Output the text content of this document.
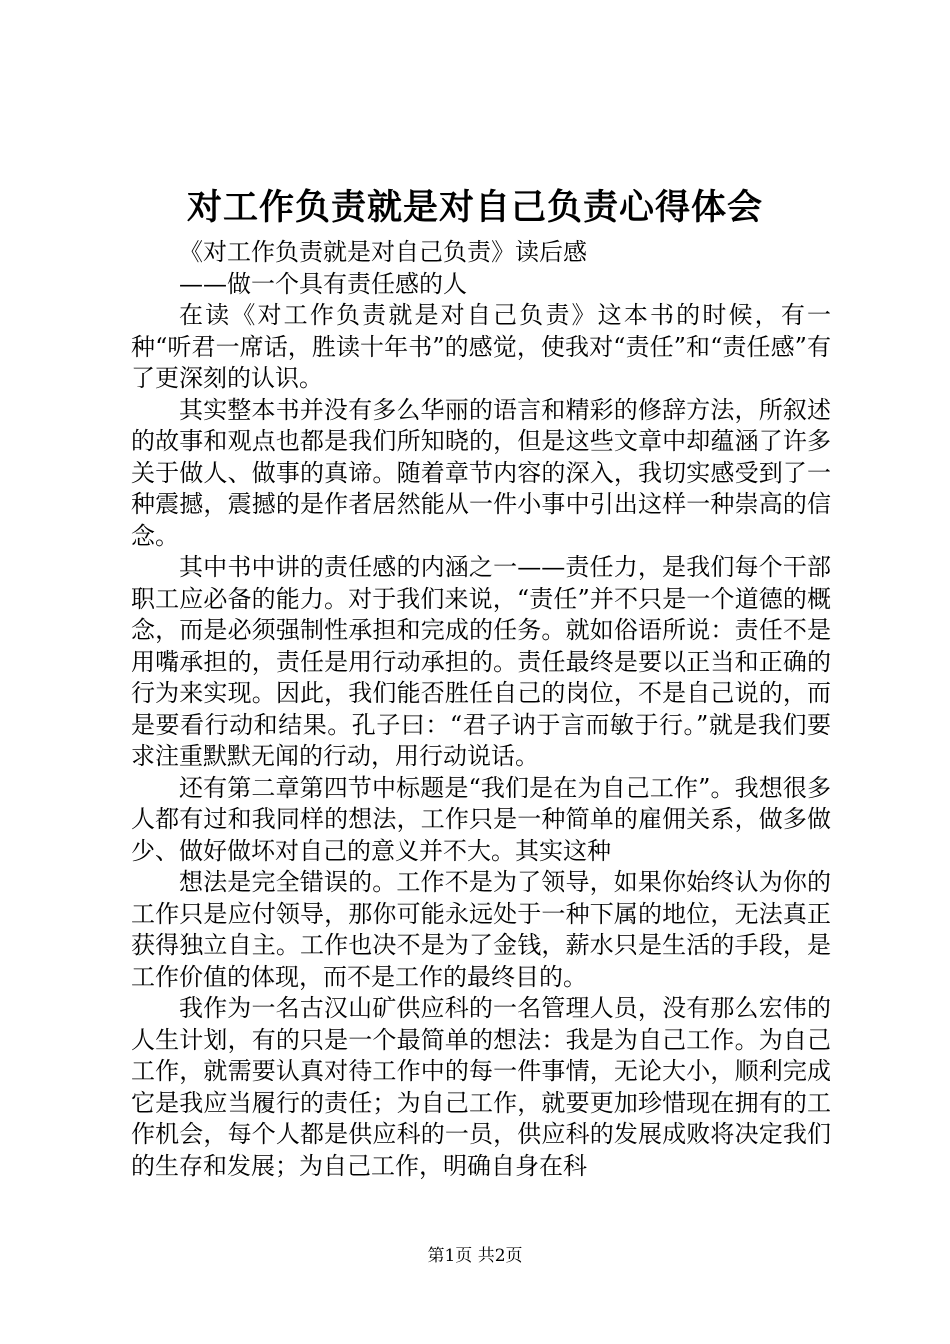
对工作负责就是对自己负责心得体会

《对工作负责就是对自己负责》读后感

——做一个具有责任感的人

在读《对工作负责就是对自己负责》这本书的时候，有一种“听君一席话，胜读十年书”的感觉，使我对“责任”和“责任感”有了更深刻的认识。

其实整本书并没有多么华丽的语言和精彩的修辞方法，所叙述的故事和观点也都是我们所知晓的，但是这些文章中却蕴涵了许多关于做人、做事的真谛。随着章节内容的深入，我切实感受到了一种震撼，震撼的是作者居然能从一件小事中引出这样一种崇高的信念。

其中书中讲的责任感的内涵之一——责任力，是我们每个干部职工应必备的能力。对于我们来说，“责任”并不只是一个道德的概念，而是必须强制性承担和完成的任务。就如俗语所说：责任不是用嘴承担的，责任是用行动承担的。责任最终是要以正当和正确的行为来实现。因此，我们能否胜任自己的岗位，不是自己说的，而是要看行动和结果。孔子曰：“君子讷于言而敏于行。”就是我们要求注重默默无闻的行动，用行动说话。

还有第二章第四节中标题是“我们是在为自己工作”。我想很多人都有过和我同样的想法，工作只是一种简单的雇佣关系，做多做少、做好做坏对自己的意义并不大。其实这种

想法是完全错误的。工作不是为了领导，如果你始终认为你的工作只是应付领导，那你可能永远处于一种下属的地位，无法真正获得独立自主。工作也决不是为了金钱，薪水只是生活的手段，是工作价值的体现，而不是工作的最终目的。

我作为一名古汉山矿供应科的一名管理人员，没有那么宏伟的人生计划，有的只是一个最简单的想法：我是为自己工作。为自己工作，就需要认真对待工作中的每一件事情，无论大小，顺利完成它是我应当履行的责任；为自己工作，就要更加珍惜现在拥有的工作机会，每个人都是供应科的一员，供应科的发展成败将决定我们的生存和发展；为自己工作，明确自身在科

第1页 共2页
